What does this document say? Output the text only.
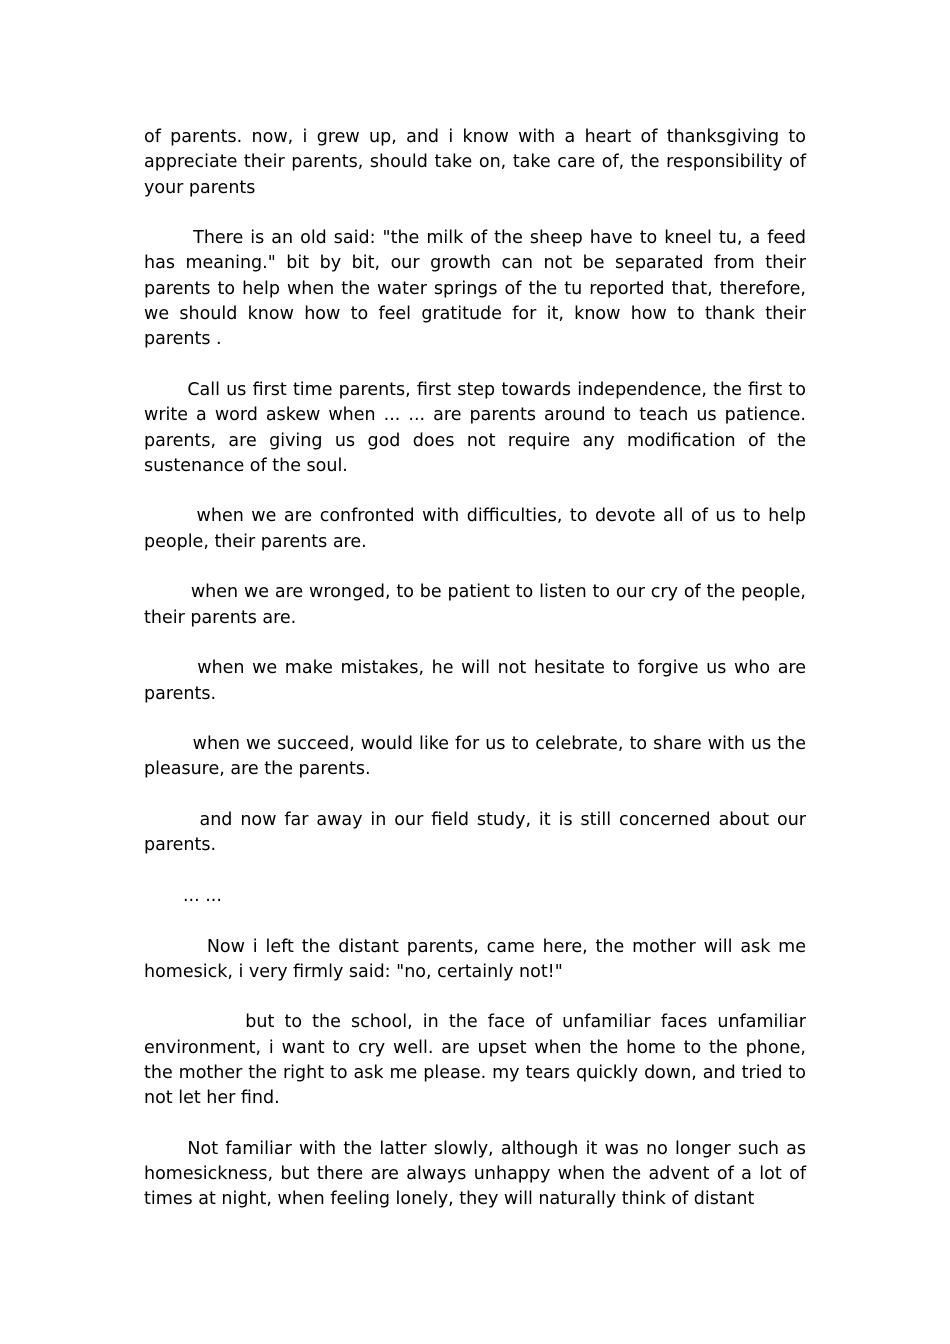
of parents. now, i grew up, and i know with a heart of thanksgiving to appreciate their parents, should take on, take care of, the responsibility of your parents

There is an old said: "the milk of the sheep have to kneel tu, a feed has meaning." bit by bit, our growth can not be separated from their parents to help when the water springs of the tu reported that, therefore, we should know how to feel gratitude for it, know how to thank their parents .

Call us first time parents, first step towards independence, the first to write a word askew when ... ... are parents around to teach us patience. parents, are giving us god does not require any modification of the sustenance of the soul.

when we are confronted with difficulties, to devote all of us to help people, their parents are.

when we are wronged, to be patient to listen to our cry of the people, their parents are.

when we make mistakes, he will not hesitate to forgive us who are parents.

when we succeed, would like for us to celebrate, to share with us the pleasure, are the parents.

and now far away in our field study, it is still concerned about our parents.

... ...

Now i left the distant parents, came here, the mother will ask me homesick, i very firmly said: "no, certainly not!"

but to the school, in the face of unfamiliar faces unfamiliar environment, i want to cry well. are upset when the home to the phone, the mother the right to ask me please. my tears quickly down, and tried to not let her find.

Not familiar with the latter slowly, although it was no longer such as homesickness, but there are always unhappy when the advent of a lot of times at night, when feeling lonely, they will naturally think of distant
